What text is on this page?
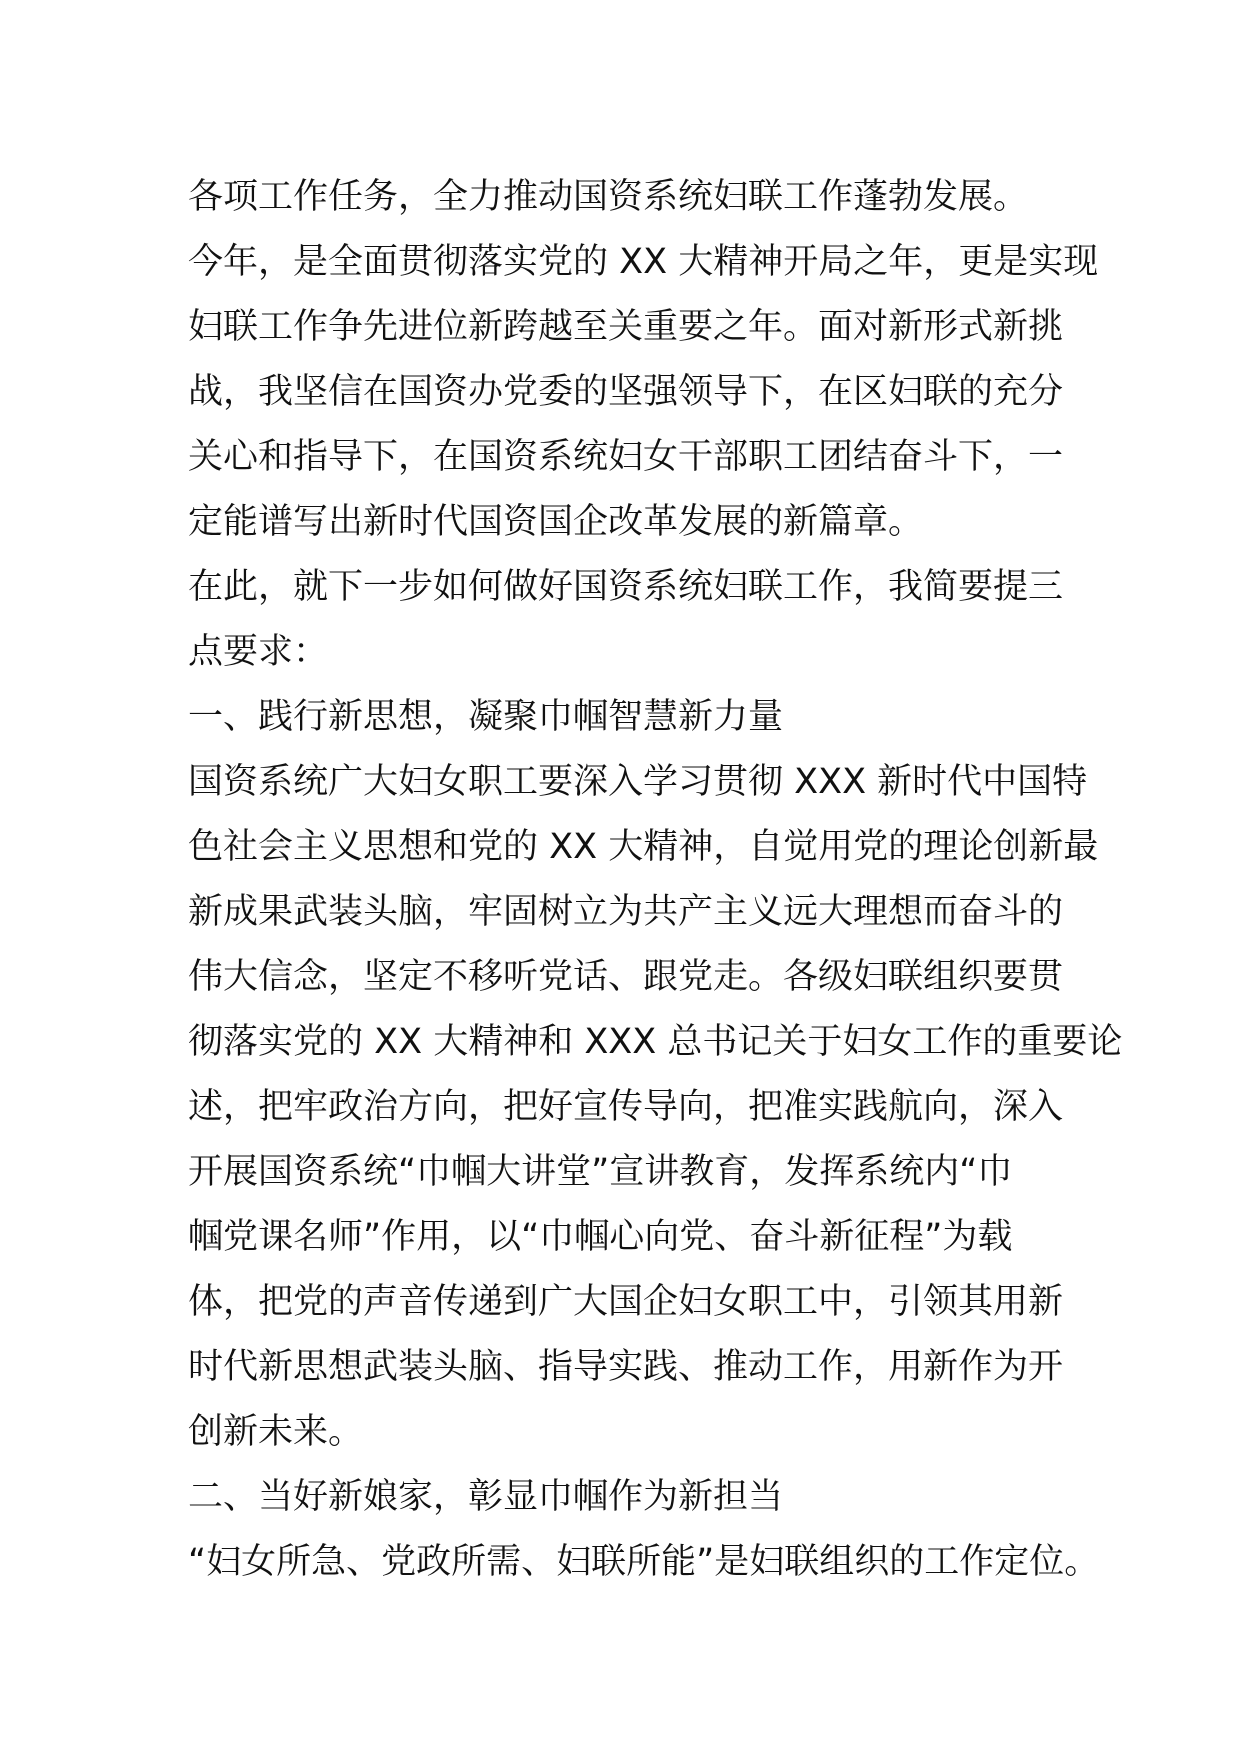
各项工作任务，全力推动国资系统妇联工作蓬勃发展。
今年，是全面贯彻落实党的 XX 大精神开局之年，更是实现
妇联工作争先进位新跨越至关重要之年。面对新形式新挑
战，我坚信在国资办党委的坚强领导下，在区妇联的充分
关心和指导下，在国资系统妇女干部职工团结奋斗下，一
定能谱写出新时代国资国企改革发展的新篇章。
在此，就下一步如何做好国资系统妇联工作，我简要提三
点要求：
一、践行新思想，凝聚巾帼智慧新力量
国资系统广大妇女职工要深入学习贯彻 XXX 新时代中国特
色社会主义思想和党的 XX 大精神，自觉用党的理论创新最
新成果武装头脑，牢固树立为共产主义远大理想而奋斗的
伟大信念，坚定不移听党话、跟党走。各级妇联组织要贯
彻落实党的 XX 大精神和 XXX 总书记关于妇女工作的重要论
述，把牢政治方向，把好宣传导向，把准实践航向，深入
开展国资系统“巾帼大讲堂”宣讲教育，发挥系统内“巾
帼党课名师”作用，以“巾帼心向党、奋斗新征程”为载
体，把党的声音传递到广大国企妇女职工中，引领其用新
时代新思想武装头脑、指导实践、推动工作，用新作为开
创新未来。
二、当好新娘家，彰显巾帼作为新担当
“妇女所急、党政所需、妇联所能”是妇联组织的工作定位。
